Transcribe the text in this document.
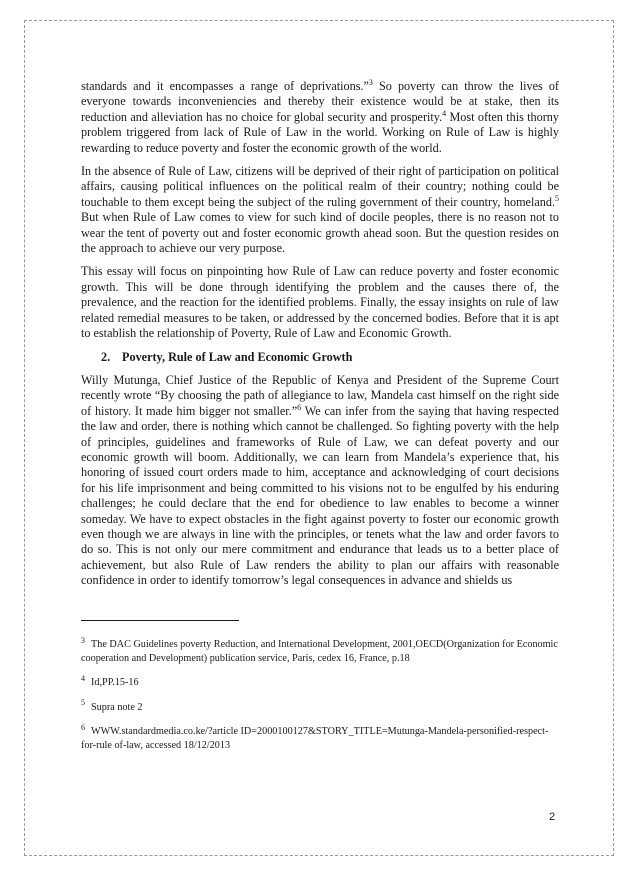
standards and it encompasses a range of deprivations.”$^3$ So poverty can throw the lives of everyone towards inconveniencies and thereby their existence would be at stake, then its reduction and alleviation has no choice for global security and prosperity.$^4$ Most often this thorny problem triggered from lack of Rule of Law in the world. Working on Rule of Law is highly rewarding to reduce poverty and foster the economic growth of the world.

In the absence of Rule of Law, citizens will be deprived of their right of participation on political affairs, causing political influences on the political realm of their country; nothing could be touchable to them except being the subject of the ruling government of their country, homeland.$^5$ But when Rule of Law comes to view for such kind of docile peoples, there is no reason not to wear the tent of poverty out and foster economic growth ahead soon. But the question resides on the approach to achieve our very purpose.

This essay will focus on pinpointing how Rule of Law can reduce poverty and foster economic growth. This will be done through identifying the problem and the causes there of, the prevalence, and the reaction for the identified problems. Finally, the essay insights on rule of law related remedial measures to be taken, or addressed by the concerned bodies. Before that it is apt to establish the relationship of Poverty, Rule of Law and Economic Growth.

2. Poverty, Rule of Law and Economic Growth

Willy Mutunga, Chief Justice of the Republic of Kenya and President of the Supreme Court recently wrote “By choosing the path of allegiance to law, Mandela cast himself on the right side of history. It made him bigger not smaller.”$^6$ We can infer from the saying that having respected the law and order, there is nothing which cannot be challenged. So fighting poverty with the help of principles, guidelines and frameworks of Rule of Law, we can defeat poverty and our economic growth will boom. Additionally, we can learn from Mandela’s experience that, his honoring of issued court orders made to him, acceptance and acknowledging of court decisions for his life imprisonment and being committed to his visions not to be engulfed by his enduring challenges; he could declare that the end for obedience to law enables to become a winner someday. We have to expect obstacles in the fight against poverty to foster our economic growth even though we are always in line with the principles, or tenets what the law and order favors to do so. This is not only our mere commitment and endurance that leads us to a better place of achievement, but also Rule of Law renders the ability to plan our affairs with reasonable confidence in order to identify tomorrow’s legal consequences in advance and shields us

$^3$ The DAC Guidelines poverty Reduction, and International Development, 2001,OECD(Organization for Economic cooperation and Development) publication service, Paris, cedex 16, France, p.18
$^4$ Id,PP.15-16
$^5$ Supra note 2
$^6$ WWW.standardmedia.co.ke/?article ID=2000100127&STORY_TITLE=Mutunga-Mandela-personified-respect-for-rule of-law, accessed 18/12/2013
2
